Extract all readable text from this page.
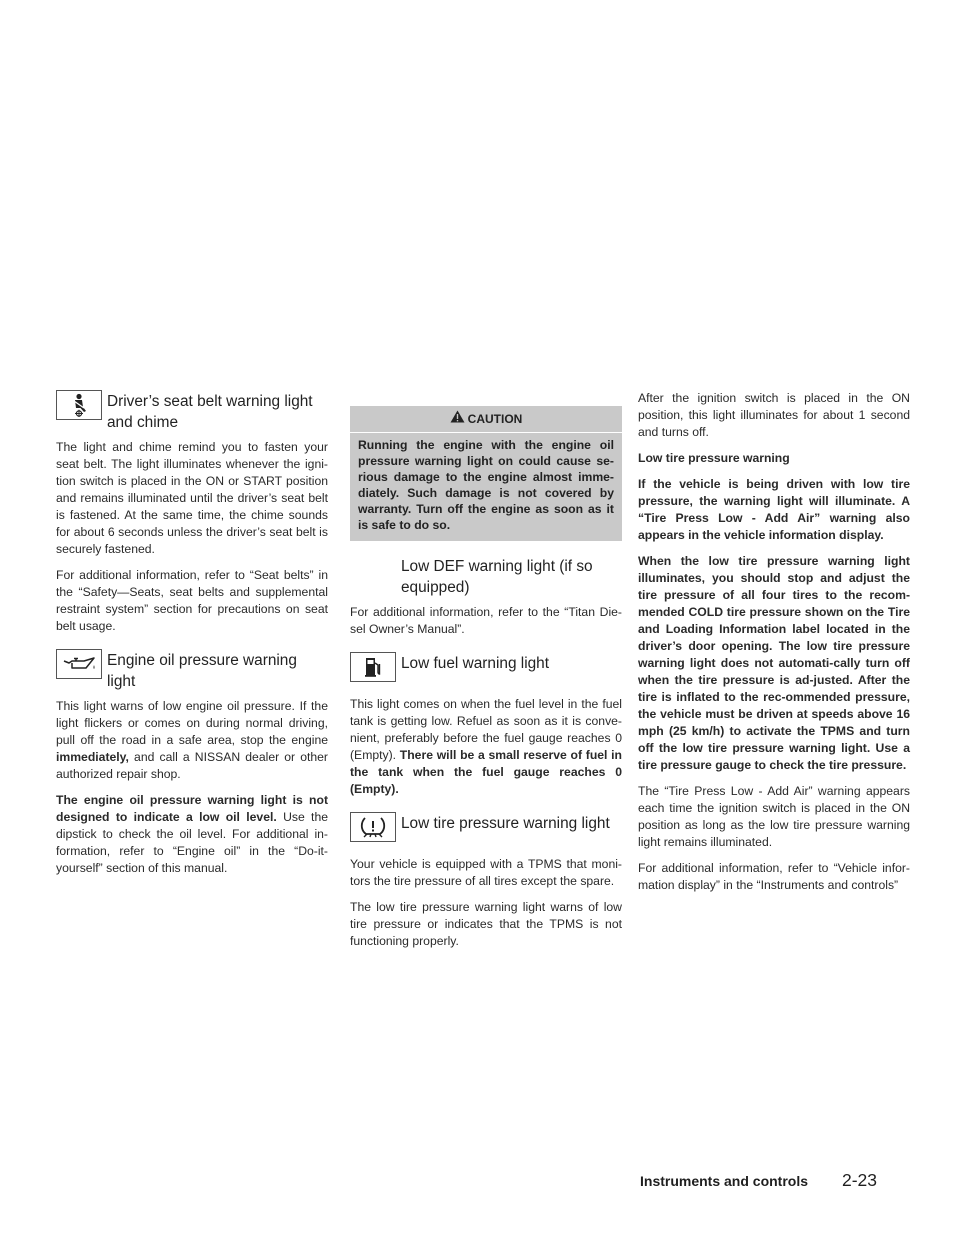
Driver’s seat belt warning light and chime

The light and chime remind you to fasten your seat belt. The light illuminates whenever the igni-tion switch is placed in the ON or START position and remains illuminated until the driver’s seat belt is fastened. At the same time, the chime sounds for about 6 seconds unless the driver’s seat belt is securely fastened.

For additional information, refer to “Seat belts” in the “Safety—Seats, seat belts and supplemental restraint system” section for precautions on seat belt usage.

Engine oil pressure warning light

This light warns of low engine oil pressure. If the light flickers or comes on during normal driving, pull off the road in a safe area, stop the engine immediately, and call a NISSAN dealer or other authorized repair shop.

The engine oil pressure warning light is not designed to indicate a low oil level. Use the dipstick to check the oil level. For additional in-formation, refer to “Engine oil” in the “Do-it-yourself” section of this manual.

CAUTION
Running the engine with the engine oil pressure warning light on could cause se-rious damage to the engine almost imme-diately. Such damage is not covered by warranty. Turn off the engine as soon as it is safe to do so.
Low DEF warning light (if so equipped)

For additional information, refer to the “Titan Die-sel Owner’s Manual”.

Low fuel warning light

This light comes on when the fuel level in the fuel tank is getting low. Refuel as soon as it is conve-nient, preferably before the fuel gauge reaches 0 (Empty). There will be a small reserve of fuel in the tank when the fuel gauge reaches 0 (Empty).

Low tire pressure warning light

Your vehicle is equipped with a TPMS that moni-tors the tire pressure of all tires except the spare.

The low tire pressure warning light warns of low tire pressure or indicates that the TPMS is not functioning properly.

After the ignition switch is placed in the ON position, this light illuminates for about 1 second and turns off.

Low tire pressure warning

If the vehicle is being driven with low tire pressure, the warning light will illuminate. A “Tire Press Low - Add Air” warning also appears in the vehicle information display.

When the low tire pressure warning light illuminates, you should stop and adjust the tire pressure of all four tires to the recom-mended COLD tire pressure shown on the Tire and Loading Information label located in the driver’s door opening. The low tire pressure warning light does not automati-cally turn off when the tire pressure is ad-justed. After the tire is inflated to the rec-ommended pressure, the vehicle must be driven at speeds above 16 mph (25 km/h) to activate the TPMS and turn off the low tire pressure warning light. Use a tire pressure gauge to check the tire pressure.

The “Tire Press Low - Add Air” warning appears each time the ignition switch is placed in the ON position as long as the low tire pressure warning light remains illuminated.

For additional information, refer to “Vehicle infor-mation display” in the “Instruments and controls”

Instruments and controls 2-23
